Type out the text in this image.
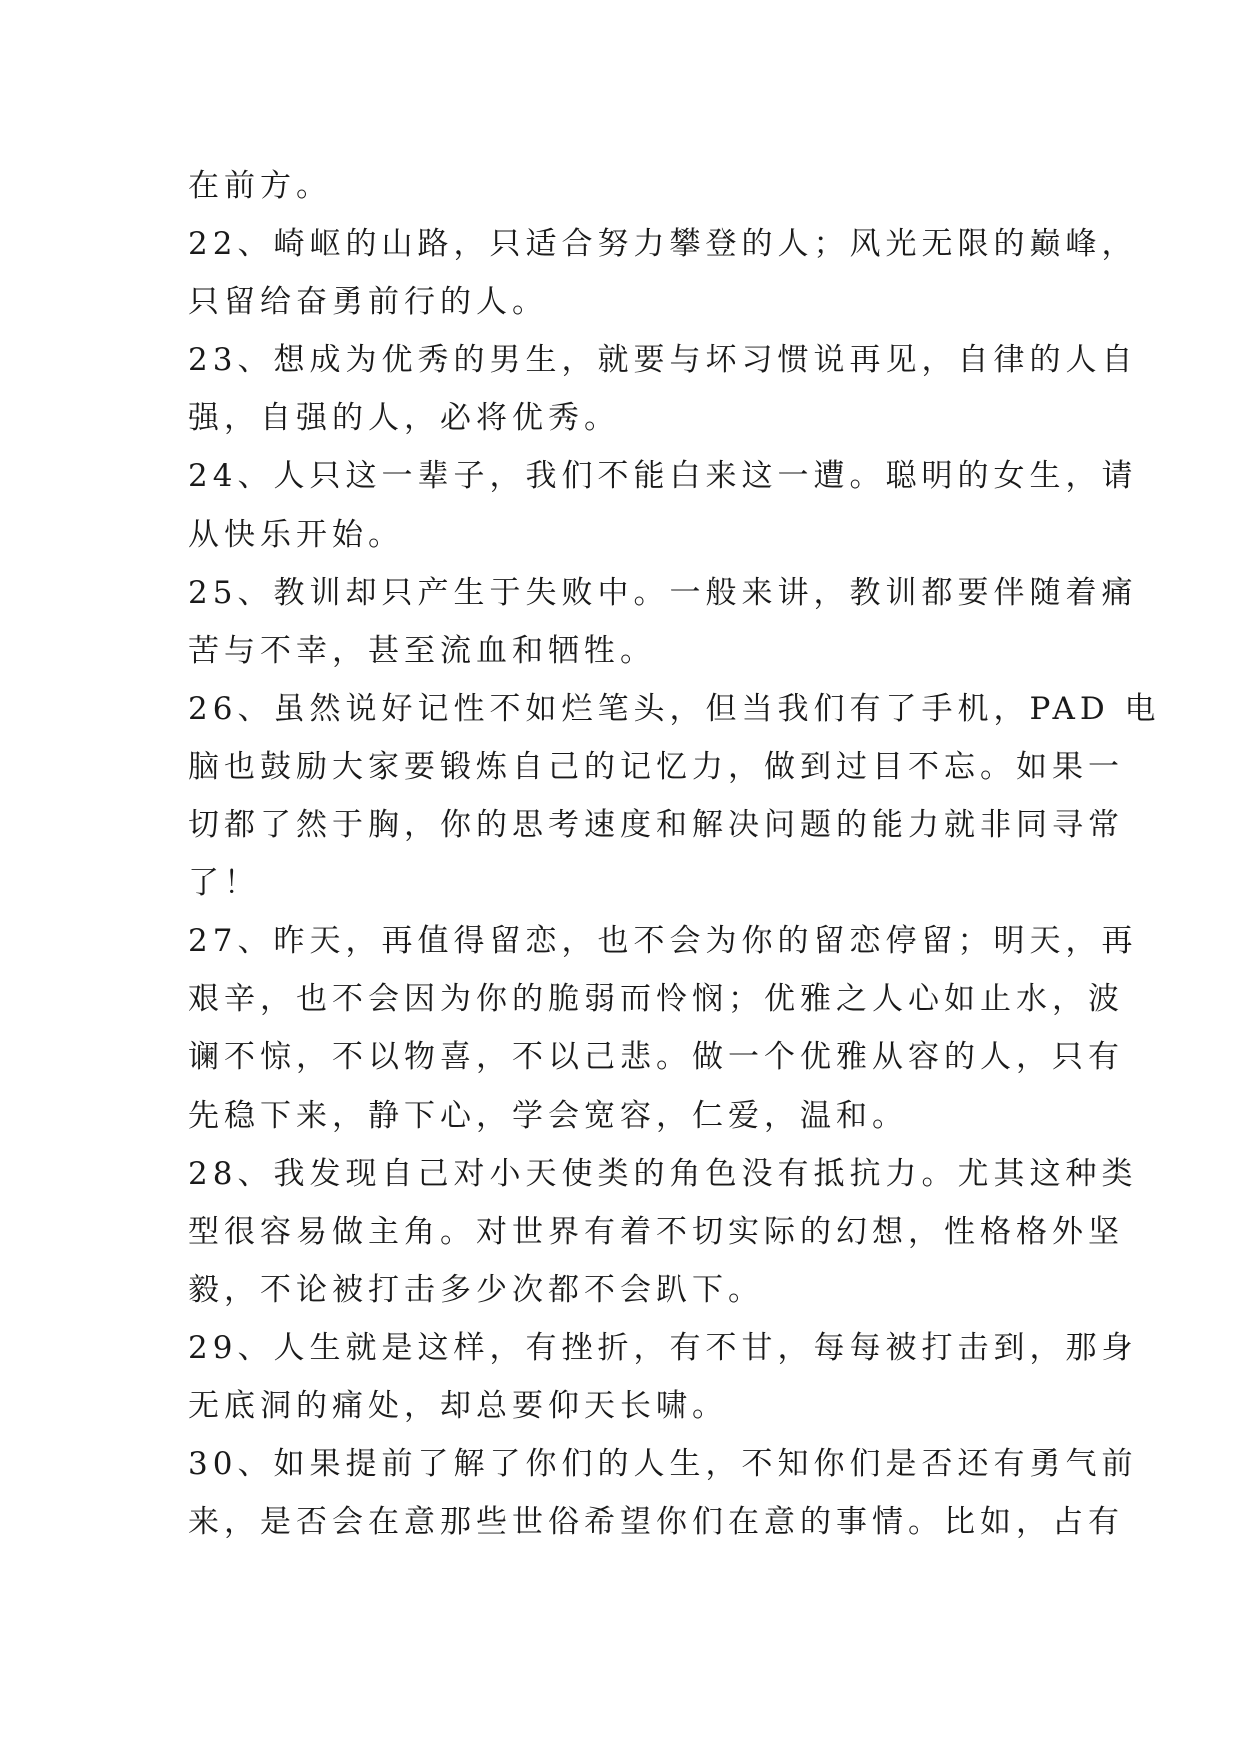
在前方。
22、崎岖的山路，只适合努力攀登的人；风光无限的巅峰，
只留给奋勇前行的人。
23、想成为优秀的男生，就要与坏习惯说再见，自律的人自
强，自强的人，必将优秀。
24、人只这一辈子，我们不能白来这一遭。聪明的女生，请
从快乐开始。
25、教训却只产生于失败中。一般来讲，教训都要伴随着痛
苦与不幸，甚至流血和牺牲。
26、虽然说好记性不如烂笔头，但当我们有了手机，PAD 电
脑也鼓励大家要锻炼自己的记忆力，做到过目不忘。如果一
切都了然于胸，你的思考速度和解决问题的能力就非同寻常
了！
27、昨天，再值得留恋，也不会为你的留恋停留；明天，再
艰辛，也不会因为你的脆弱而怜悯；优雅之人心如止水，波
谰不惊，不以物喜，不以己悲。做一个优雅从容的人，只有
先稳下来，静下心，学会宽容，仁爱，温和。
28、我发现自己对小天使类的角色没有抵抗力。尤其这种类
型很容易做主角。对世界有着不切实际的幻想，性格格外坚
毅，不论被打击多少次都不会趴下。
29、人生就是这样，有挫折，有不甘，每每被打击到，那身
无底洞的痛处，却总要仰天长啸。
30、如果提前了解了你们的人生，不知你们是否还有勇气前
来，是否会在意那些世俗希望你们在意的事情。比如，占有
